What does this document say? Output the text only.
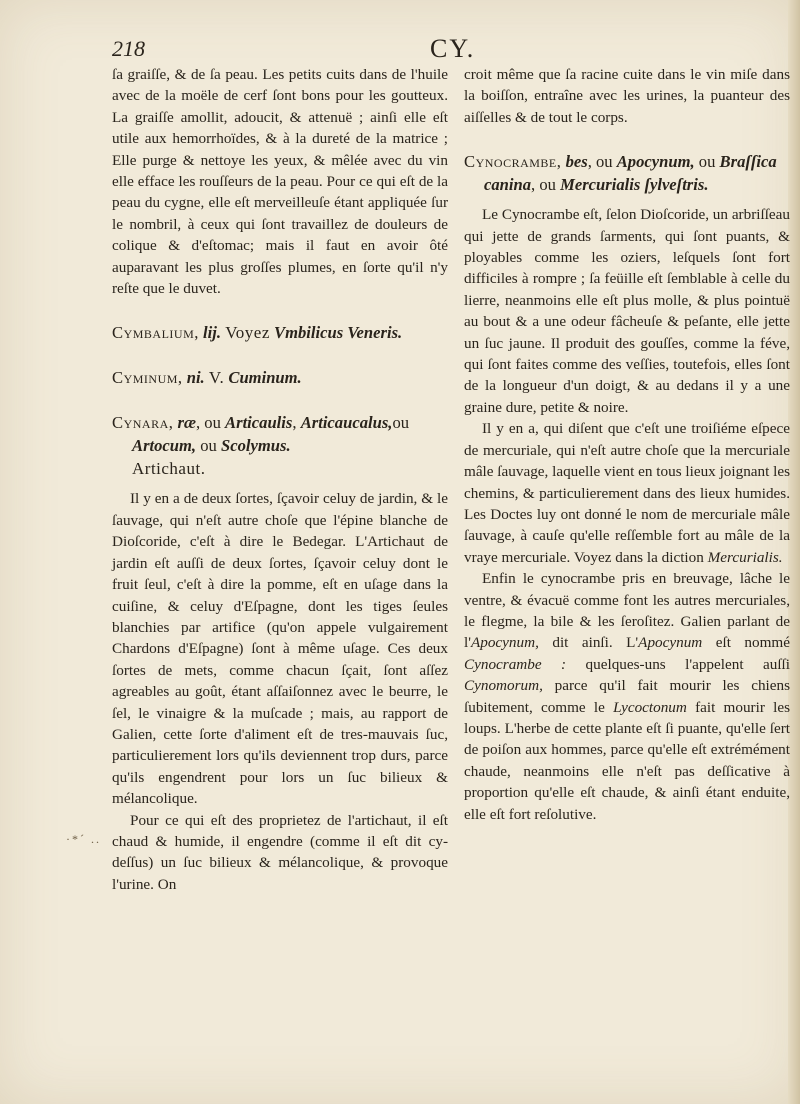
218	CY.
·*´ ..

ſa graiſſe, & de ſa peau. Les petits cuits dans de l'huile avec de la moële de cerf ſont bons pour les goutteux. La graiſſe amollit, adoucit, & attenuë ; ainſi elle eſt utile aux hemorrhoïdes, & à la dureté de la matrice ; Elle purge & nettoye les yeux, & mêlée avec du vin elle efface les rouſſeurs de la peau. Pour ce qui eſt de la peau du cygne, elle eſt merveilleuſe étant appliquée ſur le nombril, à ceux qui ſont travaillez de douleurs de colique & d'eſtomac; mais il faut en avoir ôté auparavant les plus groſſes plumes, en ſorte qu'il n'y reſte que le duvet.

Cymbalium, lij. Voyez Vmbilicus Veneris.
Cyminum, ni. V. Cuminum.
Cynara, ræ, ou Articaulis, Articaucalus,ou Artocum, ou Scolymus.
Artichaut.

Il y en a de deux ſortes, ſçavoir celuy de jardin, & le ſauvage, qui n'eſt autre choſe que l'épine blanche de Dioſcoride, c'eſt à dire le Bedegar. L'Artichaut de jardin eſt auſſi de deux ſortes, ſçavoir celuy dont le fruit ſeul, c'eſt à dire la pomme, eſt en uſage dans la cuiſine, & celuy d'Eſpagne, dont les tiges ſeules blanchies par artifice (qu'on appele vulgairement Chardons d'Eſpagne) ſont à même uſage. Ces deux ſortes de mets, comme chacun ſçait, ſont aſſez agreables au goût, étant aſſaiſonnez avec le beurre, le ſel, le vinaigre & la muſcade ; mais, au rapport de Galien, cette ſorte d'aliment eſt de tres-mauvais ſuc, particulierement lors qu'ils deviennent trop durs, parce qu'ils engendrent pour lors un ſuc bilieux & mélancolique.

Pour ce qui eſt des proprietez de l'artichaut, il eſt chaud & humide, il engendre (comme il eſt dit cy-deſſus) un ſuc bilieux & mélancolique, & provoque l'urine. On

croit même que ſa racine cuite dans le vin miſe dans la boiſſon, entraîne avec les urines, la puanteur des aiſſelles & de tout le corps.

Cynocrambe, bes, ou Apocynum, ou Braſſica canina, ou Mercurialis ſylveſtris.

Le Cynocrambe eſt, ſelon Dioſcoride, un arbriſſeau qui jette de grands ſarments, qui ſont puants, & ployables comme les oziers, leſquels ſont fort difficiles à rompre ; ſa feüille eſt ſemblable à celle du lierre, neanmoins elle eſt plus molle, & plus pointuë au bout & a une odeur fâcheuſe & peſante, elle jette un ſuc jaune. Il produit des gouſſes, comme la féve, qui ſont faites comme des veſſies, toutefois, elles ſont de la longueur d'un doigt, & au dedans il y a une graine dure, petite & noire.

Il y en a, qui diſent que c'eſt une troiſiéme eſpece de mercuriale, qui n'eſt autre choſe que la mercuriale mâle ſauvage, laquelle vient en tous lieux joignant les chemins, & particulierement dans des lieux humides. Les Doctes luy ont donné le nom de mercuriale mâle ſauvage, à cauſe qu'elle reſſemble fort au mâle de la vraye mercuriale. Voyez dans la diction Mercurialis.

Enfin le cynocrambe pris en breuvage, lâche le ventre, & évacuë comme font les autres mercuriales, le flegme, la bile & les ſeroſitez. Galien parlant de l'Apocynum, dit ainſi. L'Apocynum eſt nommé Cynocrambe : quelques-uns l'appelent auſſi Cynomorum, parce qu'il fait mourir les chiens ſubitement, comme le Lycoctonum fait mourir les loups. L'herbe de cette plante eſt ſi puante, qu'elle ſert de poiſon aux hommes, parce qu'elle eſt extrémément chaude, neanmoins elle n'eſt pas deſſicative à proportion qu'elle eſt chaude, & ainſi étant enduite, elle eſt fort reſolutive.
